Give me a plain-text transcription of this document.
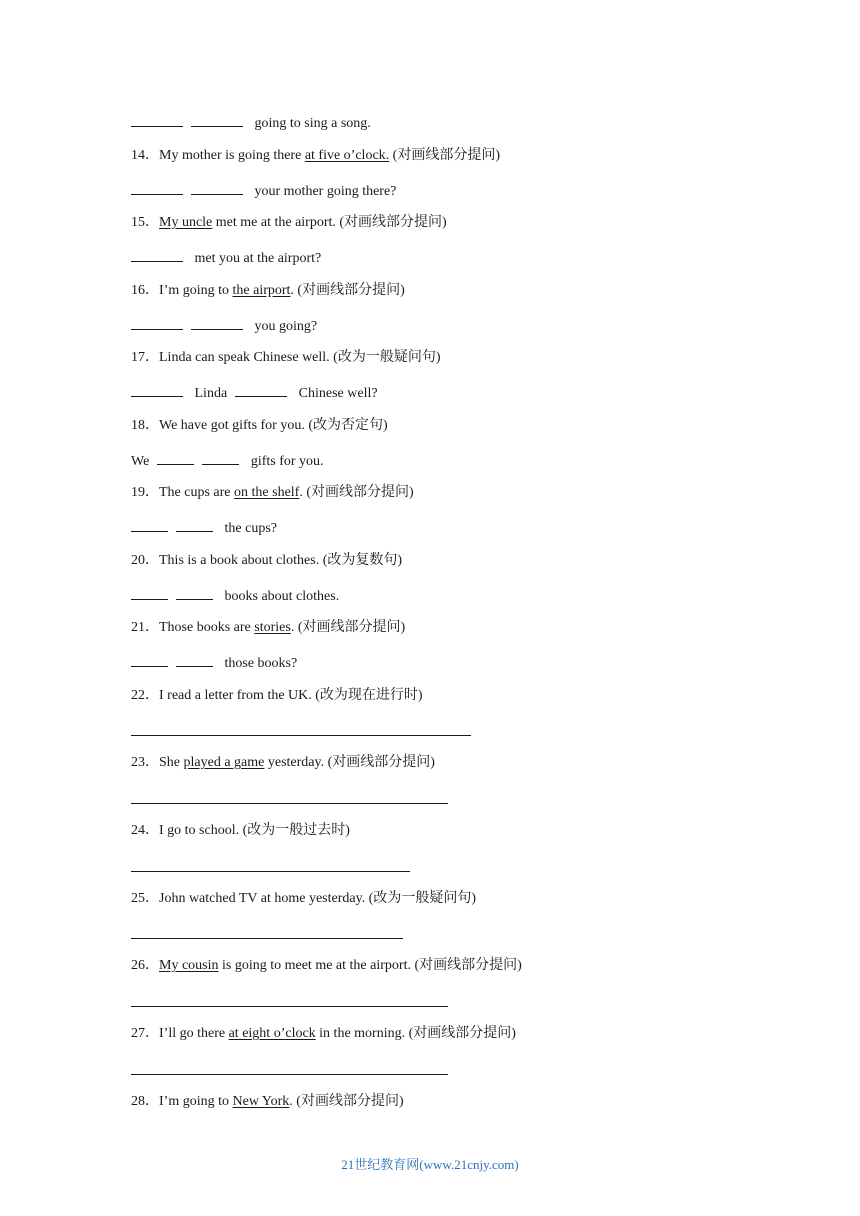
going to sing a song.
14．My mother is going there at five o’clock. (对画线部分提问)
your mother going there?
15．My uncle met me at the airport. (对画线部分提问)
met you at the airport?
16．I’m going to the airport. (对画线部分提问)
you going?
17．Linda can speak Chinese well. (改为一般疑问句)
Linda	Chinese well?
18．We have got gifts for you. (改为否定句)
We	gifts for you.
19．The cups are on the shelf. (对画线部分提问)
the cups?
20．This is a book about clothes. (改为复数句)
books about clothes.
21．Those books are stories. (对画线部分提问)
those books?
22．I read a letter from the UK. (改为现在进行时)
23．She played a game yesterday. (对画线部分提问)
24．I go to school. (改为一般过去时)
25．John watched TV at home yesterday. (改为一般疑问句)
26．My cousin is going to meet me at the airport. (对画线部分提问)
27．I’ll go there at eight o’clock in the morning. (对画线部分提问)
28．I’m going to New York. (对画线部分提问)
21世纪教育网(www.21cnjy.com)
